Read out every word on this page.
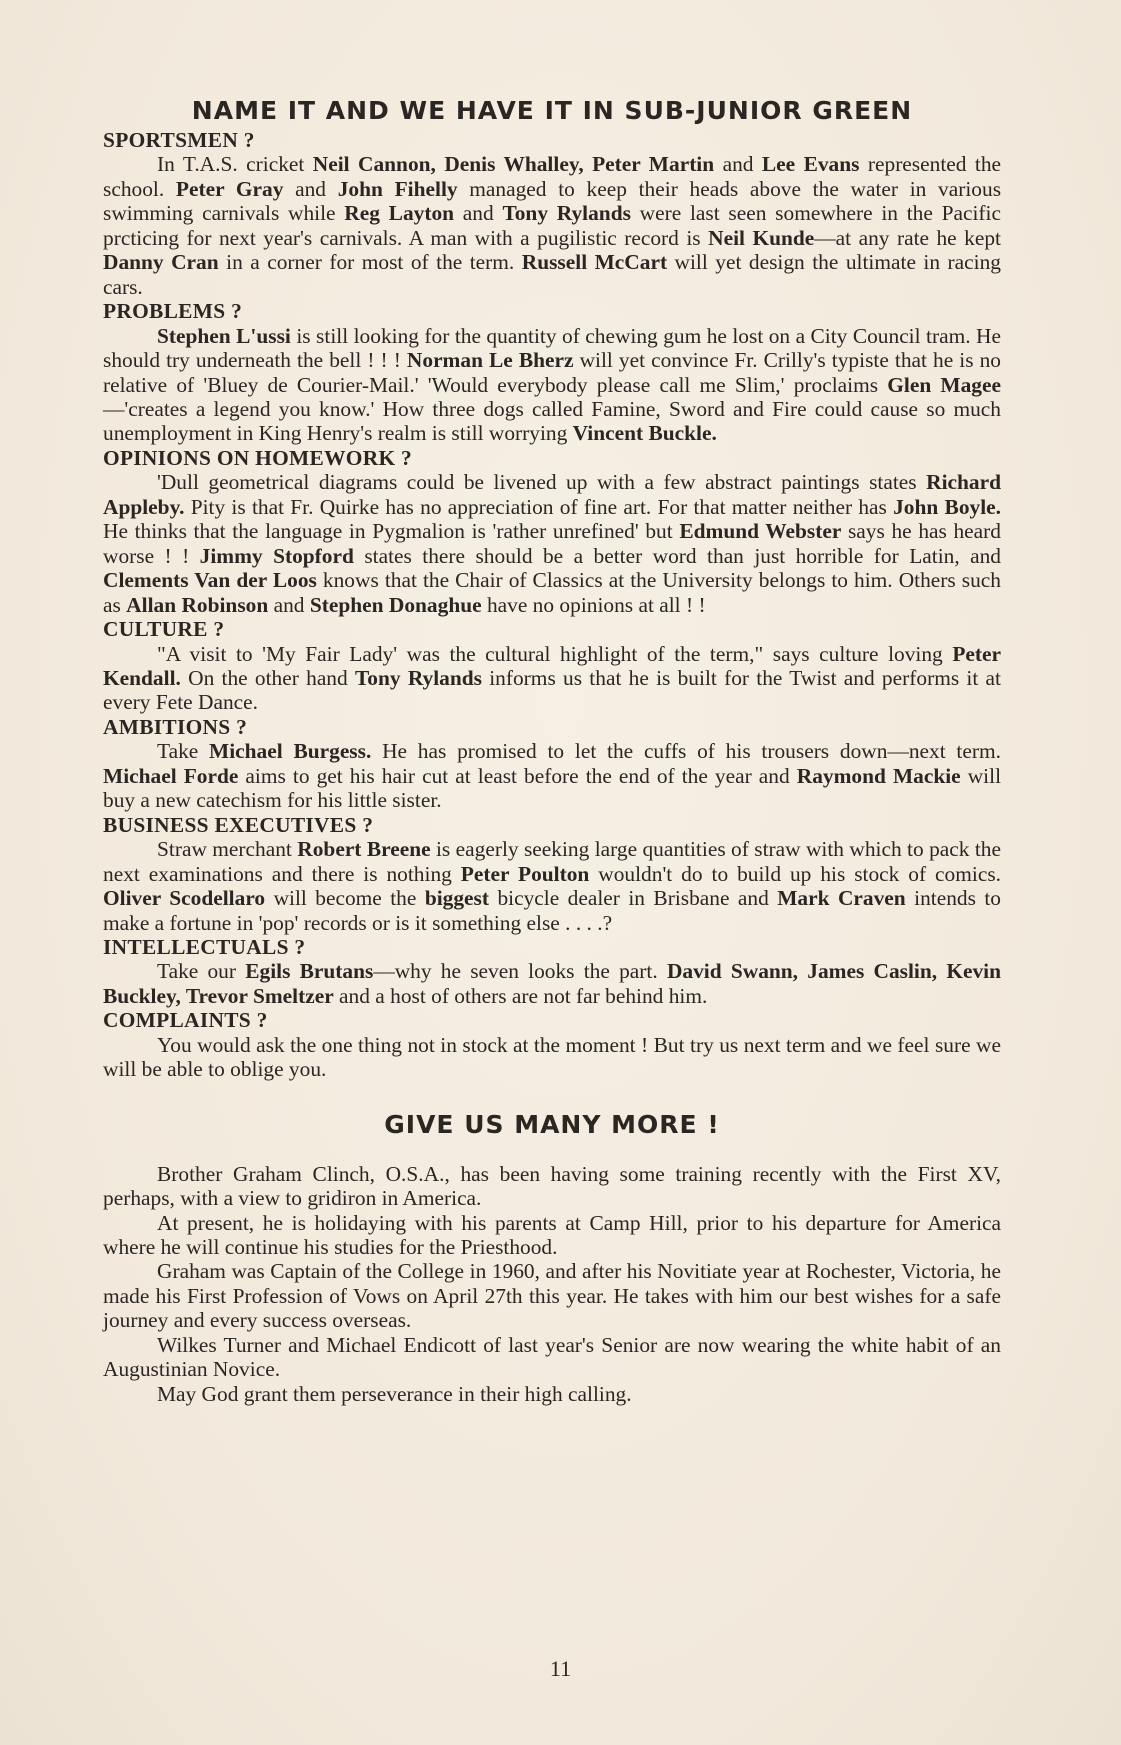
NAME IT AND WE HAVE IT IN SUB-JUNIOR GREEN
SPORTSMEN ?

In T.A.S. cricket Neil Cannon, Denis Whalley, Peter Martin and Lee Evans represented the school. Peter Gray and John Fihelly managed to keep their heads above the water in various swimming carnivals while Reg Layton and Tony Rylands were last seen somewhere in the Pacific prcticing for next year's carnivals. A man with a pugilistic record is Neil Kunde—at any rate he kept Danny Cran in a corner for most of the term. Russell McCart will yet design the ultimate in racing cars.

PROBLEMS ?

Stephen L'ussi is still looking for the quantity of chewing gum he lost on a City Council tram. He should try underneath the bell ! ! ! Norman Le Bherz will yet convince Fr. Crilly's typiste that he is no relative of 'Bluey de Courier-Mail.' 'Would everybody please call me Slim,' proclaims Glen Magee —'creates a legend you know.' How three dogs called Famine, Sword and Fire could cause so much unemployment in King Henry's realm is still worrying Vincent Buckle.

OPINIONS ON HOMEWORK ?

'Dull geometrical diagrams could be livened up with a few abstract paintings states Richard Appleby. Pity is that Fr. Quirke has no appreciation of fine art. For that matter neither has John Boyle. He thinks that the language in Pygmalion is 'rather unrefined' but Edmund Webster says he has heard worse ! ! Jimmy Stopford states there should be a better word than just horrible for Latin, and Clements Van der Loos knows that the Chair of Classics at the University belongs to him. Others such as Allan Robinson and Stephen Donaghue have no opinions at all ! !

CULTURE ?

"A visit to 'My Fair Lady' was the cultural highlight of the term," says culture loving Peter Kendall. On the other hand Tony Rylands informs us that he is built for the Twist and performs it at every Fete Dance.

AMBITIONS ?

Take Michael Burgess. He has promised to let the cuffs of his trousers down—next term. Michael Forde aims to get his hair cut at least before the end of the year and Raymond Mackie will buy a new catechism for his little sister.

BUSINESS EXECUTIVES ?

Straw merchant Robert Breene is eagerly seeking large quantities of straw with which to pack the next examinations and there is nothing Peter Poulton wouldn't do to build up his stock of comics. Oliver Scodellaro will become the biggest bicycle dealer in Brisbane and Mark Craven intends to make a fortune in 'pop' records or is it something else . . . .?

INTELLECTUALS ?

Take our Egils Brutans—why he seven looks the part. David Swann, James Caslin, Kevin Buckley, Trevor Smeltzer and a host of others are not far behind him.

COMPLAINTS ?

You would ask the one thing not in stock at the moment ! But try us next term and we feel sure we will be able to oblige you.

GIVE US MANY MORE !

Brother Graham Clinch, O.S.A., has been having some training recently with the First XV, perhaps, with a view to gridiron in America.

At present, he is holidaying with his parents at Camp Hill, prior to his departure for America where he will continue his studies for the Priesthood.

Graham was Captain of the College in 1960, and after his Novitiate year at Rochester, Victoria, he made his First Profession of Vows on April 27th this year. He takes with him our best wishes for a safe journey and every success overseas.

Wilkes Turner and Michael Endicott of last year's Senior are now wearing the white habit of an Augustinian Novice.

May God grant them perseverance in their high calling.

11
